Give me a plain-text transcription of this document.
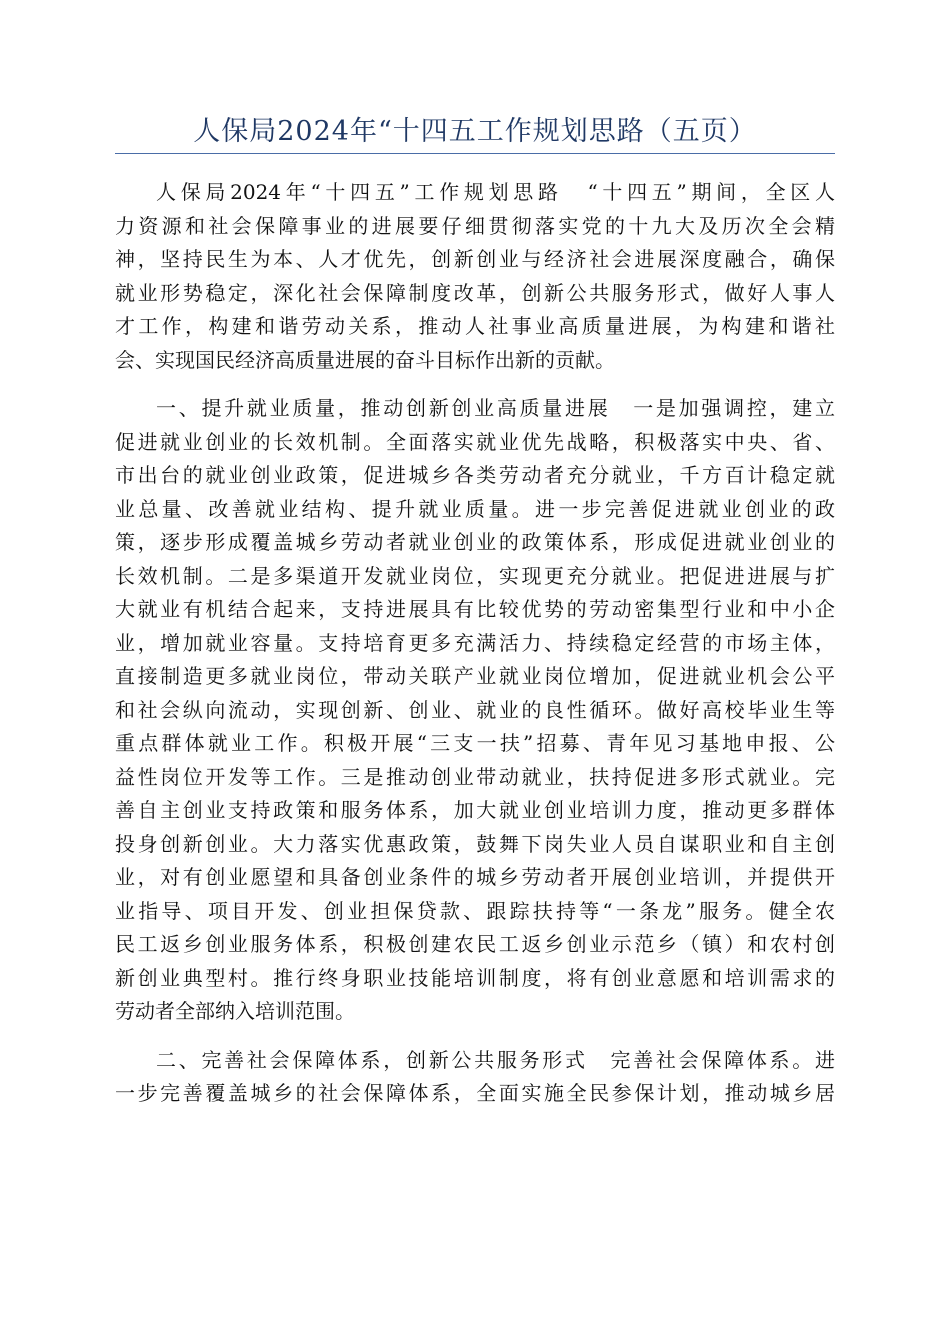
人保局2024年“十四五工作规划思路（五页）
人保局2024年“十四五”工作规划思路　“十四五”期间，全区人
力资源和社会保障事业的进展要仔细贯彻落实党的十九大及历次全会精
神，坚持民生为本、人才优先，创新创业与经济社会进展深度融合，确保
就业形势稳定，深化社会保障制度改革，创新公共服务形式，做好人事人
才工作，构建和谐劳动关系，推动人社事业高质量进展，为构建和谐社
会、实现国民经济高质量进展的奋斗目标作出新的贡献。
一、提升就业质量，推动创新创业高质量进展　一是加强调控，建立
促进就业创业的长效机制。全面落实就业优先战略，积极落实中央、省、
市出台的就业创业政策，促进城乡各类劳动者充分就业，千方百计稳定就
业总量、改善就业结构、提升就业质量。进一步完善促进就业创业的政
策，逐步形成覆盖城乡劳动者就业创业的政策体系，形成促进就业创业的
长效机制。二是多渠道开发就业岗位，实现更充分就业。把促进进展与扩
大就业有机结合起来，支持进展具有比较优势的劳动密集型行业和中小企
业，增加就业容量。支持培育更多充满活力、持续稳定经营的市场主体，
直接制造更多就业岗位，带动关联产业就业岗位增加，促进就业机会公平
和社会纵向流动，实现创新、创业、就业的良性循环。做好高校毕业生等
重点群体就业工作。积极开展“三支一扶”招募、青年见习基地申报、公
益性岗位开发等工作。三是推动创业带动就业，扶持促进多形式就业。完
善自主创业支持政策和服务体系，加大就业创业培训力度，推动更多群体
投身创新创业。大力落实优惠政策，鼓舞下岗失业人员自谋职业和自主创
业，对有创业愿望和具备创业条件的城乡劳动者开展创业培训，并提供开
业指导、项目开发、创业担保贷款、跟踪扶持等“一条龙”服务。健全农
民工返乡创业服务体系，积极创建农民工返乡创业示范乡（镇）和农村创
新创业典型村。推行终身职业技能培训制度，将有创业意愿和培训需求的
劳动者全部纳入培训范围。
二、完善社会保障体系，创新公共服务形式　完善社会保障体系。进
一步完善覆盖城乡的社会保障体系，全面实施全民参保计划，推动城乡居
